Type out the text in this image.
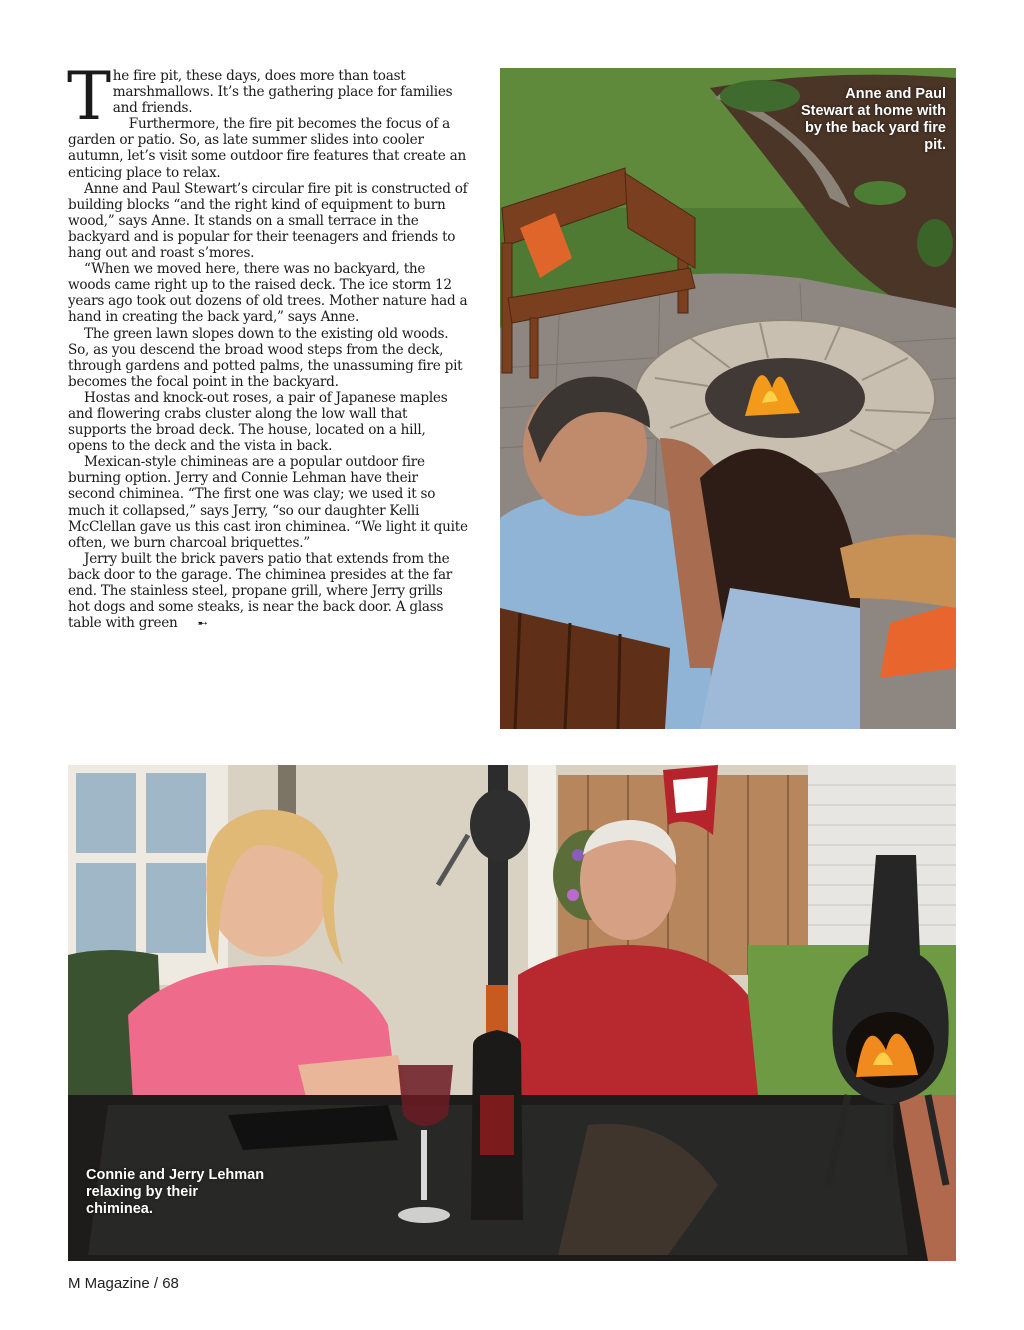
The fire pit, these days, does more than toast marshmallows. It’s the gathering place for families and friends.

Furthermore, the fire pit becomes the focus of a garden or patio. So, as late summer slides into cooler autumn, let’s visit some outdoor fire features that create an enticing place to relax.

Anne and Paul Stewart’s circular fire pit is constructed of building blocks “and the right kind of equipment to burn wood,” says Anne. It stands on a small terrace in the backyard and is popular for their teenagers and friends to hang out and roast s’mores.

“When we moved here, there was no backyard, the woods came right up to the raised deck. The ice storm 12 years ago took out dozens of old trees. Mother nature had a hand in creating the back yard,” says Anne.

The green lawn slopes down to the existing old woods. So, as you descend the broad wood steps from the deck, through gardens and potted palms, the unassuming fire pit becomes the focal point in the backyard.

Hostas and knock-out roses, a pair of Japanese maples and flowering crabs cluster along the low wall that supports the broad deck. The house, located on a hill, opens to the deck and the vista in back.

Mexican-style chimineas are a popular outdoor fire burning option. Jerry and Connie Lehman have their second chiminea. “The first one was clay; we used it so much it collapsed,” says Jerry, “so our daughter Kelli McClellan gave us this cast iron chiminea. “We light it quite often, we burn charcoal briquettes.”

Jerry built the brick pavers patio that extends from the back door to the garage. The chiminea presides at the far end. The stainless steel, propane grill, where Jerry grills hot dogs and some steaks, is near the back door. A glass table with green ➸

Anne and Paul Stewart at home with by the back yard fire pit.
Connie and Jerry Lehman relaxing by their chiminea.
M Magazine / 68
